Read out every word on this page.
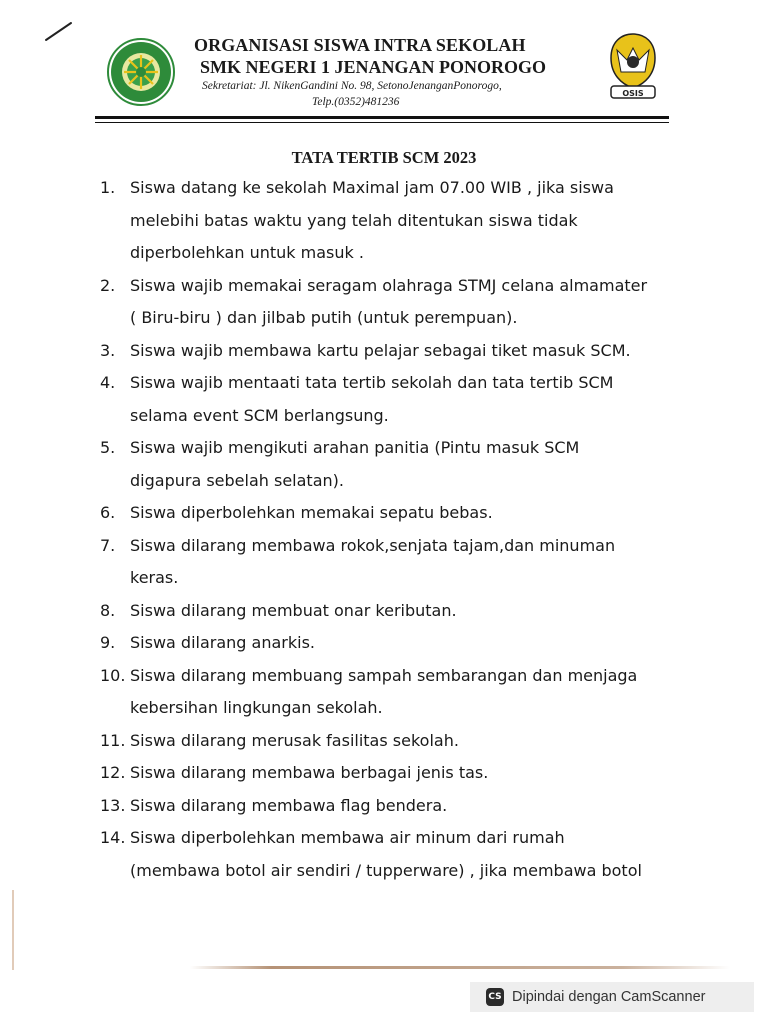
OSIS
ORGANISASI SISWA INTRA SEKOLAH
SMK NEGERI 1 JENANGAN PONOROGO
Sekretariat: Jl. NikenGandini No. 98, SetonoJenanganPonorogo,
Telp.(0352)481236
TATA TERTIB SCM 2023
1. Siswa datang ke sekolah Maximal jam 07.00 WIB , jika siswa
melebihi batas waktu yang telah ditentukan siswa tidak
diperbolehkan untuk masuk .
2. Siswa wajib memakai seragam olahraga STMJ celana almamater
( Biru-biru ) dan jilbab putih (untuk perempuan).
3. Siswa wajib membawa kartu pelajar sebagai tiket masuk SCM.
4. Siswa wajib mentaati tata tertib sekolah dan tata tertib SCM
selama event SCM berlangsung.
5. Siswa wajib mengikuti arahan panitia (Pintu masuk SCM
digapura sebelah selatan).
6. Siswa diperbolehkan memakai sepatu bebas.
7. Siswa dilarang membawa rokok,senjata tajam,dan minuman
keras.
8. Siswa dilarang membuat onar keributan.
9. Siswa dilarang anarkis.
10. Siswa dilarang membuang sampah sembarangan dan menjaga
kebersihan lingkungan sekolah.
11. Siswa dilarang merusak fasilitas sekolah.
12. Siswa dilarang membawa berbagai jenis tas.
13. Siswa dilarang membawa flag bendera.
14. Siswa diperbolehkan membawa air minum dari rumah
(membawa botol air sendiri / tupperware) , jika membawa botol
CS Dipindai dengan CamScanner
